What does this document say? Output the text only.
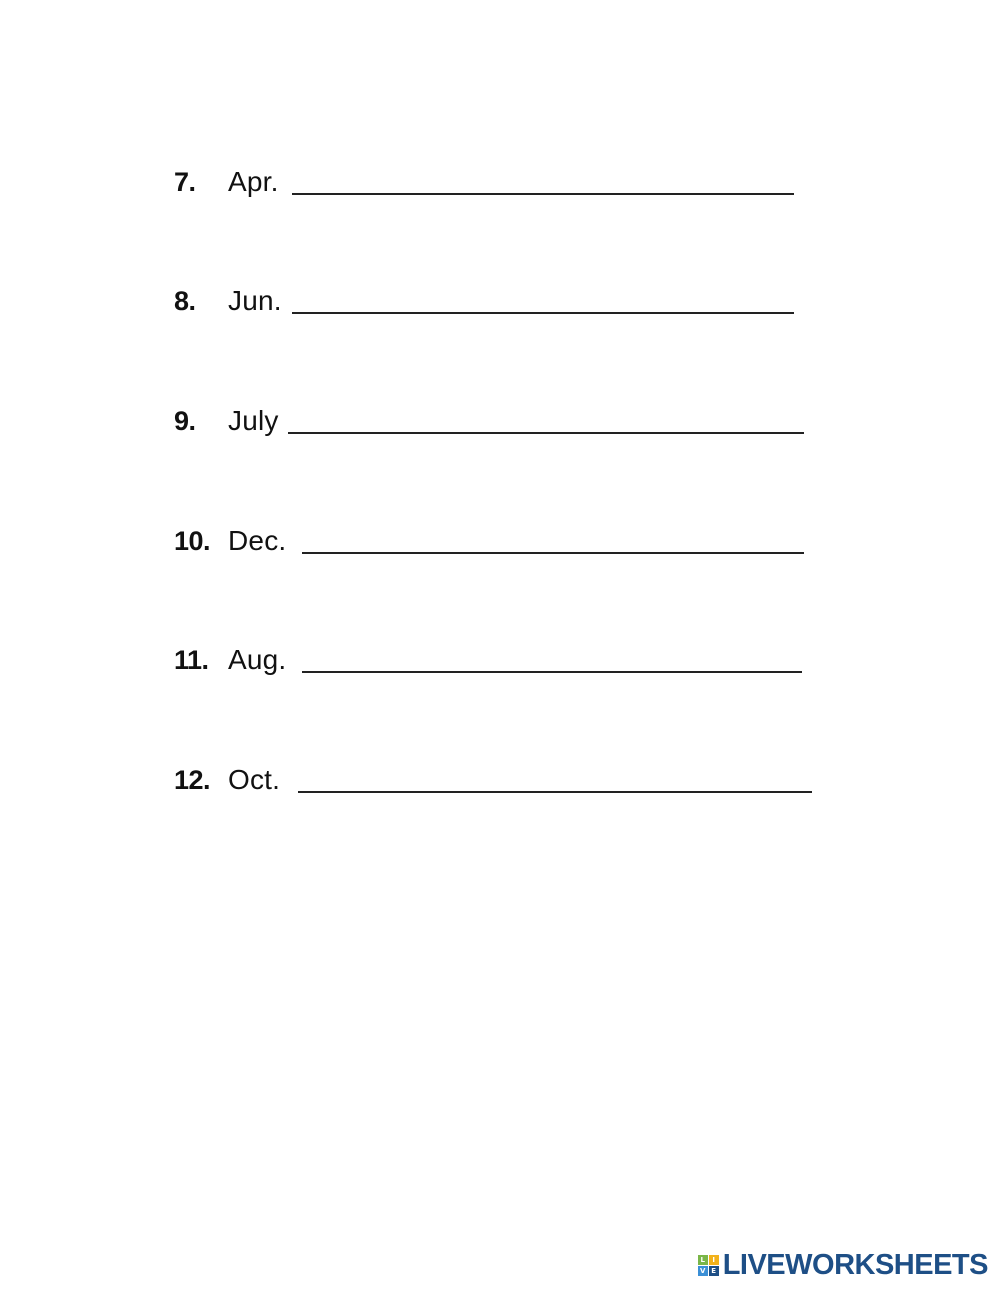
7. Apr.
8. Jun.
9. July
10. Dec.
11. Aug.
12. Oct.
L	I
V E LIVEWORKSHEETS
